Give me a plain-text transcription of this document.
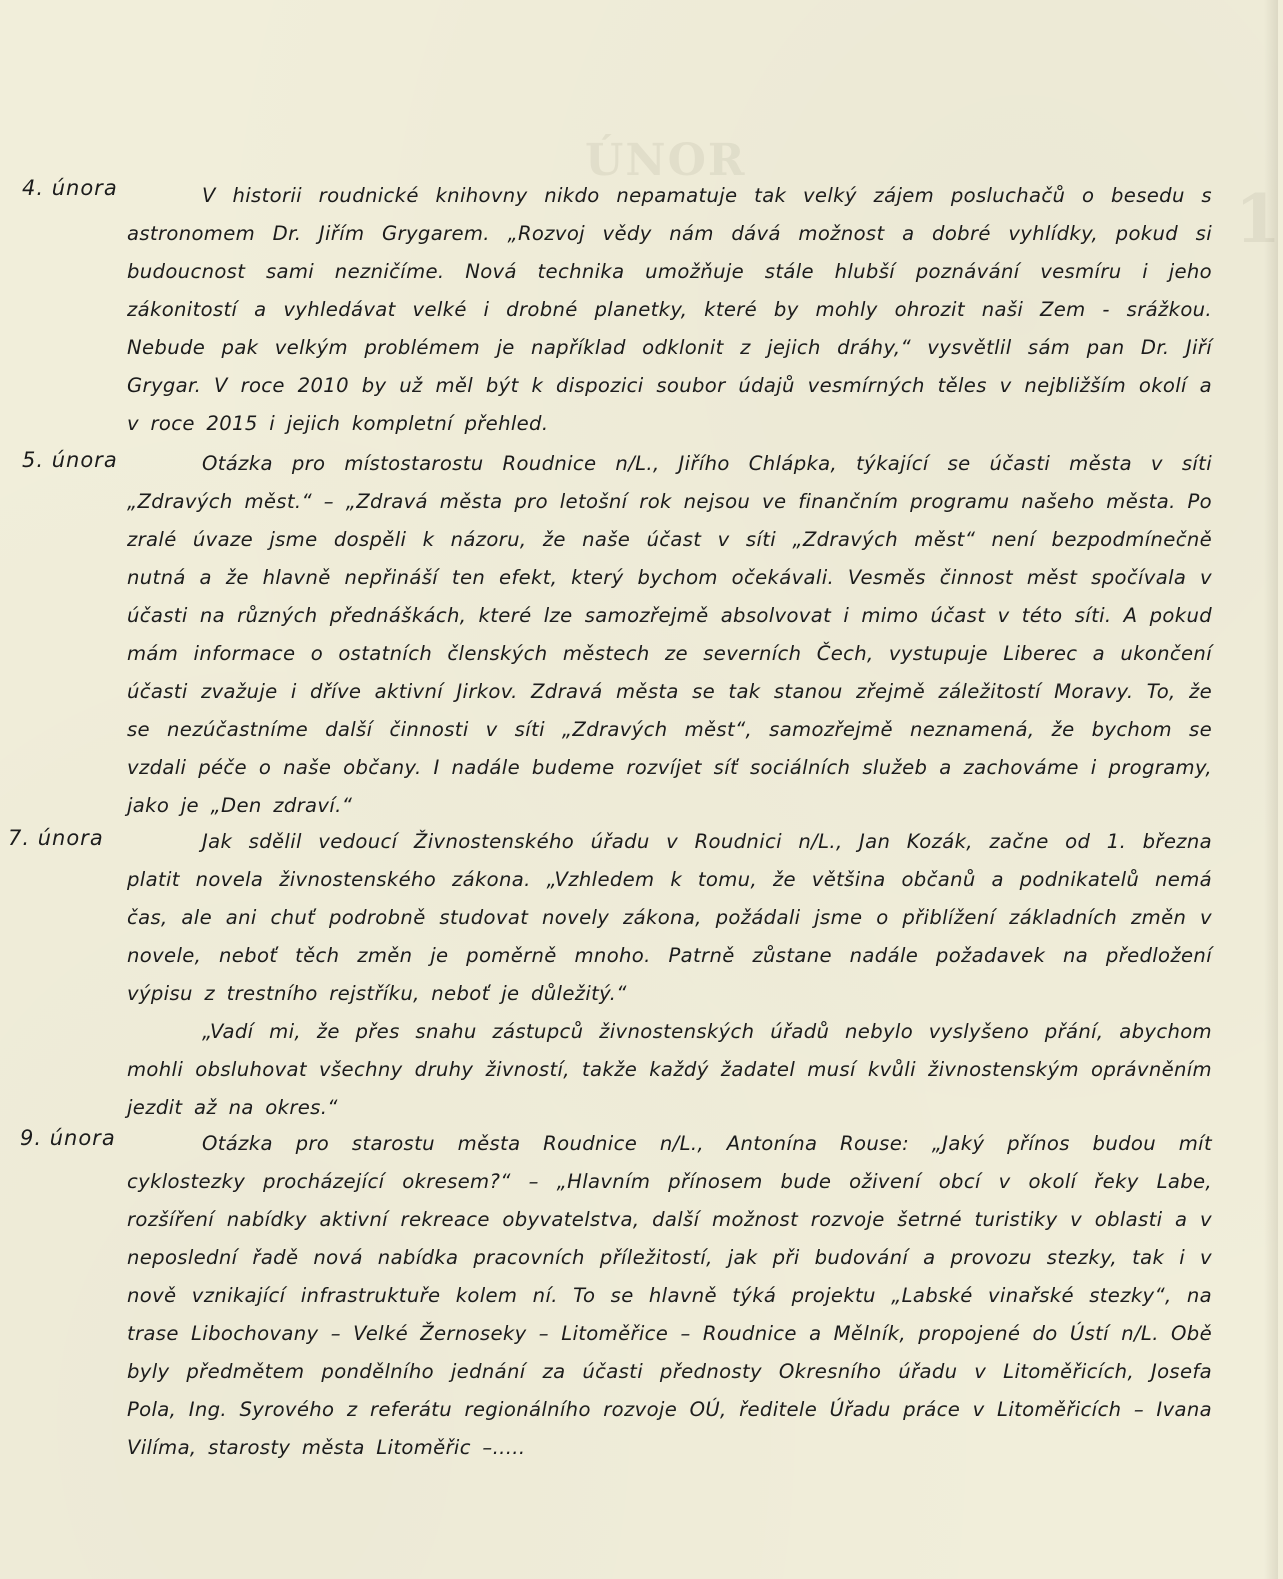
ÚNOR
1
4. února	V historii roudnické knihovny nikdo nepamatuje tak velký zájem posluchačů o besedu s astronomem Dr. Jiřím Grygarem. „Rozvoj vědy nám dává možnost a dobré vyhlídky, pokud si budoucnost sami nezničíme. Nová technika umožňuje stále hlubší poznávání vesmíru i jeho zákonitostí a vyhledávat velké i drobné planetky, které by mohly ohrozit naši Zem - srážkou. Nebude pak velkým problémem je například odklonit z jejich dráhy,“ vysvětlil sám pan Dr. Jiří Grygar. V roce 2010 by už měl být k dispozici soubor údajů vesmírných těles v nejbližším okolí a v roce 2015 i jejich kompletní přehled.

5. února	Otázka pro místostarostu Roudnice n/L., Jiřího Chlápka, týkající se účasti města v síti „Zdravých měst.“ – „Zdravá města pro letošní rok nejsou ve finančním programu našeho města. Po zralé úvaze jsme dospěli k názoru, že naše účast v síti „Zdravých měst“ není bezpodmínečně nutná a že hlavně nepřináší ten efekt, který bychom očekávali. Vesměs činnost měst spočívala v účasti na různých přednáškách, které lze samozřejmě absolvovat i mimo účast v této síti. A pokud mám informace o ostatních členských městech ze severních Čech, vystupuje Liberec a ukončení účasti zvažuje i dříve aktivní Jirkov. Zdravá města se tak stanou zřejmě záležitostí Moravy. To, že se nezúčastníme další činnosti v síti „Zdravých měst“, samozřejmě neznamená, že bychom se vzdali péče o naše občany. I nadále budeme rozvíjet síť sociálních služeb a zachováme i programy, jako je „Den zdraví.“

7. února	Jak sdělil vedoucí Živnostenského úřadu v Roudnici n/L., Jan Kozák, začne od 1. března platit novela živnostenského zákona. „Vzhledem k tomu, že většina občanů a podnikatelů nemá čas, ale ani chuť podrobně studovat novely zákona, požádali jsme o přiblížení základních změn v novele, neboť těch změn je poměrně mnoho. Patrně zůstane nadále požadavek na předložení výpisu z trestního rejstříku, neboť je důležitý.“

„Vadí mi, že přes snahu zástupců živnostenských úřadů nebylo vyslyšeno přání, abychom mohli obsluhovat všechny druhy živností, takže každý žadatel musí kvůli živnostenským oprávněním jezdit až na okres.“

9. února	Otázka pro starostu města Roudnice n/L., Antonína Rouse: „Jaký přínos budou mít cyklostezky procházející okresem?“ – „Hlavním přínosem bude oživení obcí v okolí řeky Labe, rozšíření nabídky aktivní rekreace obyvatelstva, další možnost rozvoje šetrné turistiky v oblasti a v neposlední řadě nová nabídka pracovních příležitostí, jak při budování a provozu stezky, tak i v nově vznikající infrastruktuře kolem ní. To se hlavně týká projektu „Labské vinařské stezky“, na trase Libochovany – Velké Žernoseky – Litoměřice – Roudnice a Mělník, propojené do Ústí n/L. Obě byly předmětem pondělního jednání za účasti přednosty Okresního úřadu v Litoměřicích, Josefa Pola, Ing. Syrového z referátu regionálního rozvoje OÚ, ředitele Úřadu práce v Litoměřicích – Ivana Vilíma, starosty města Litoměřic –.....
